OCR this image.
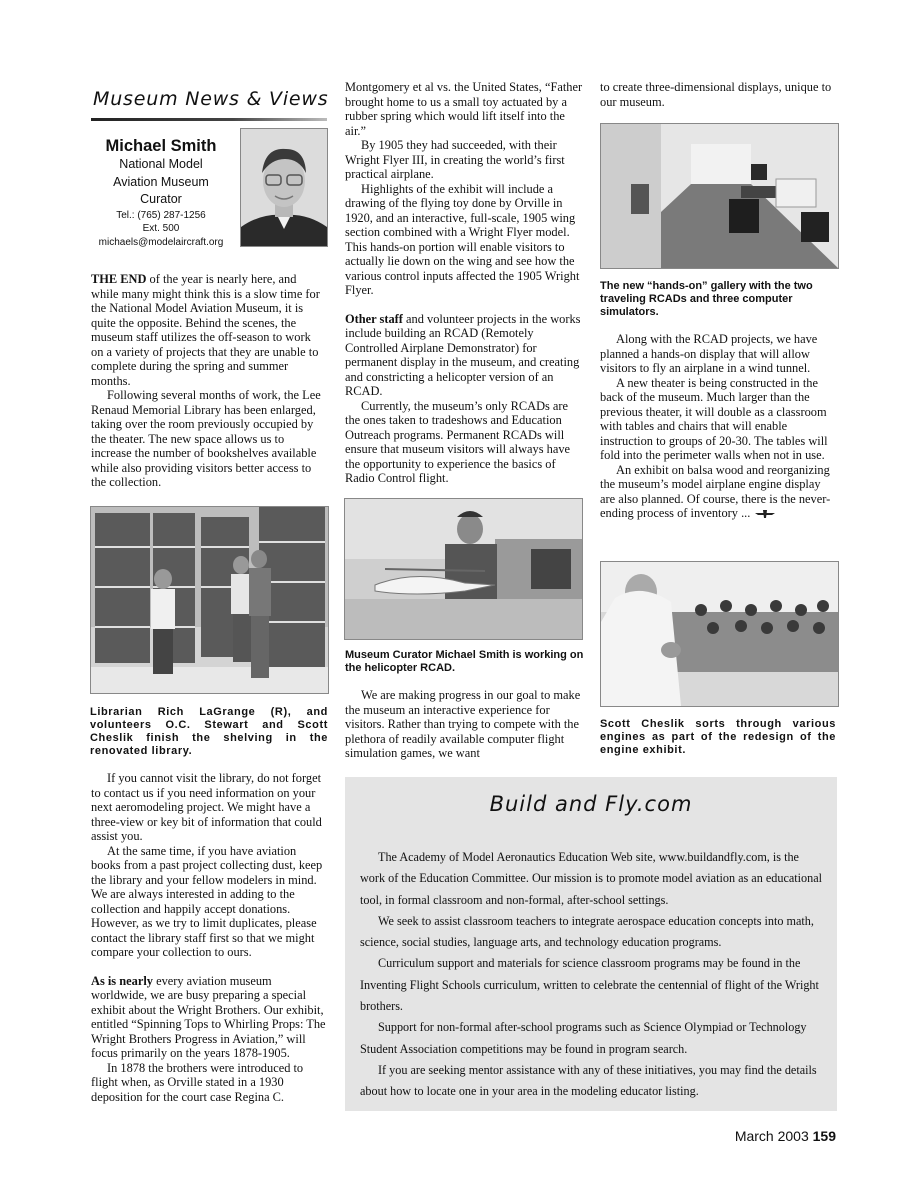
Museum News & Views
Michael Smith
National Model
Aviation Museum
Curator
Tel.: (765) 287-1256
Ext. 500
michaels@modelaircraft.org

THE END of the year is nearly here, and while many might think this is a slow time for the National Model Aviation Museum, it is quite the opposite. Behind the scenes, the museum staff utilizes the off-season to work on a variety of projects that they are unable to complete during the spring and summer months.

Following several months of work, the Lee Renaud Memorial Library has been enlarged, taking over the room previously occupied by the theater. The new space allows us to increase the number of bookshelves available while also providing visitors better access to the collection.

Librarian Rich LaGrange (R), and volunteers O.C. Stewart and Scott Cheslik finish the shelving in the renovated library.

If you cannot visit the library, do not forget to contact us if you need information on your next aeromodeling project. We might have a three-view or key bit of information that could assist you.

At the same time, if you have aviation books from a past project collecting dust, keep the library and your fellow modelers in mind. We are always interested in adding to the collection and happily accept donations. However, as we try to limit duplicates, please contact the library staff first so that we might compare your collection to ours.

As is nearly every aviation museum worldwide, we are busy preparing a special exhibit about the Wright Brothers. Our exhibit, entitled “Spinning Tops to Whirling Props: The Wright Brothers Progress in Aviation,” will focus primarily on the years 1878-1905.

In 1878 the brothers were introduced to flight when, as Orville stated in a 1930 deposition for the court case Regina C.

Montgomery et al vs. the United States, “Father brought home to us a small toy actuated by a rubber spring which would lift itself into the air.”

By 1905 they had succeeded, with their Wright Flyer III, in creating the world’s first practical airplane.

Highlights of the exhibit will include a drawing of the flying toy done by Orville in 1920, and an interactive, full-scale, 1905 wing section combined with a Wright Flyer model. This hands-on portion will enable visitors to actually lie down on the wing and see how the various control inputs affected the 1905 Wright Flyer.

Other staff and volunteer projects in the works include building an RCAD (Remotely Controlled Airplane Demonstrator) for permanent display in the museum, and creating and constricting a helicopter version of an RCAD.

Currently, the museum’s only RCADs are the ones taken to tradeshows and Education Outreach programs. Permanent RCADs will ensure that museum visitors will always have the opportunity to experience the basics of Radio Control flight.

Museum Curator Michael Smith is working on the helicopter RCAD.

We are making progress in our goal to make the museum an interactive experience for visitors. Rather than trying to compete with the plethora of readily available computer flight simulation games, we want

to create three-dimensional displays, unique to our museum.

The new “hands-on” gallery with the two traveling RCADs and three computer simulators.

Along with the RCAD projects, we have planned a hands-on display that will allow visitors to fly an airplane in a wind tunnel.

A new theater is being constructed in the back of the museum. Much larger than the previous theater, it will double as a classroom with tables and chairs that will enable instruction to groups of 20-30. The tables will fold into the perimeter walls when not in use.

An exhibit on balsa wood and reorganizing the museum’s model airplane engine display are also planned. Of course, there is the never-ending process of inventory ...

Scott Cheslik sorts through various engines as part of the redesign of the engine exhibit.
Build and Fly.com

The Academy of Model Aeronautics Education Web site, www.buildandfly.com, is the work of the Education Committee. Our mission is to promote model aviation as an educational tool, in formal classroom and non-formal, after-school settings.

We seek to assist classroom teachers to integrate aerospace education concepts into math, science, social studies, language arts, and technology education programs.

Curriculum support and materials for science classroom programs may be found in the Inventing Flight Schools curriculum, written to celebrate the centennial of flight of the Wright brothers.

Support for non-formal after-school programs such as Science Olympiad or Technology Student Association competitions may be found in program search.

If you are seeking mentor assistance with any of these initiatives, you may find the details about how to locate one in your area in the modeling educator listing.

March 2003 159
